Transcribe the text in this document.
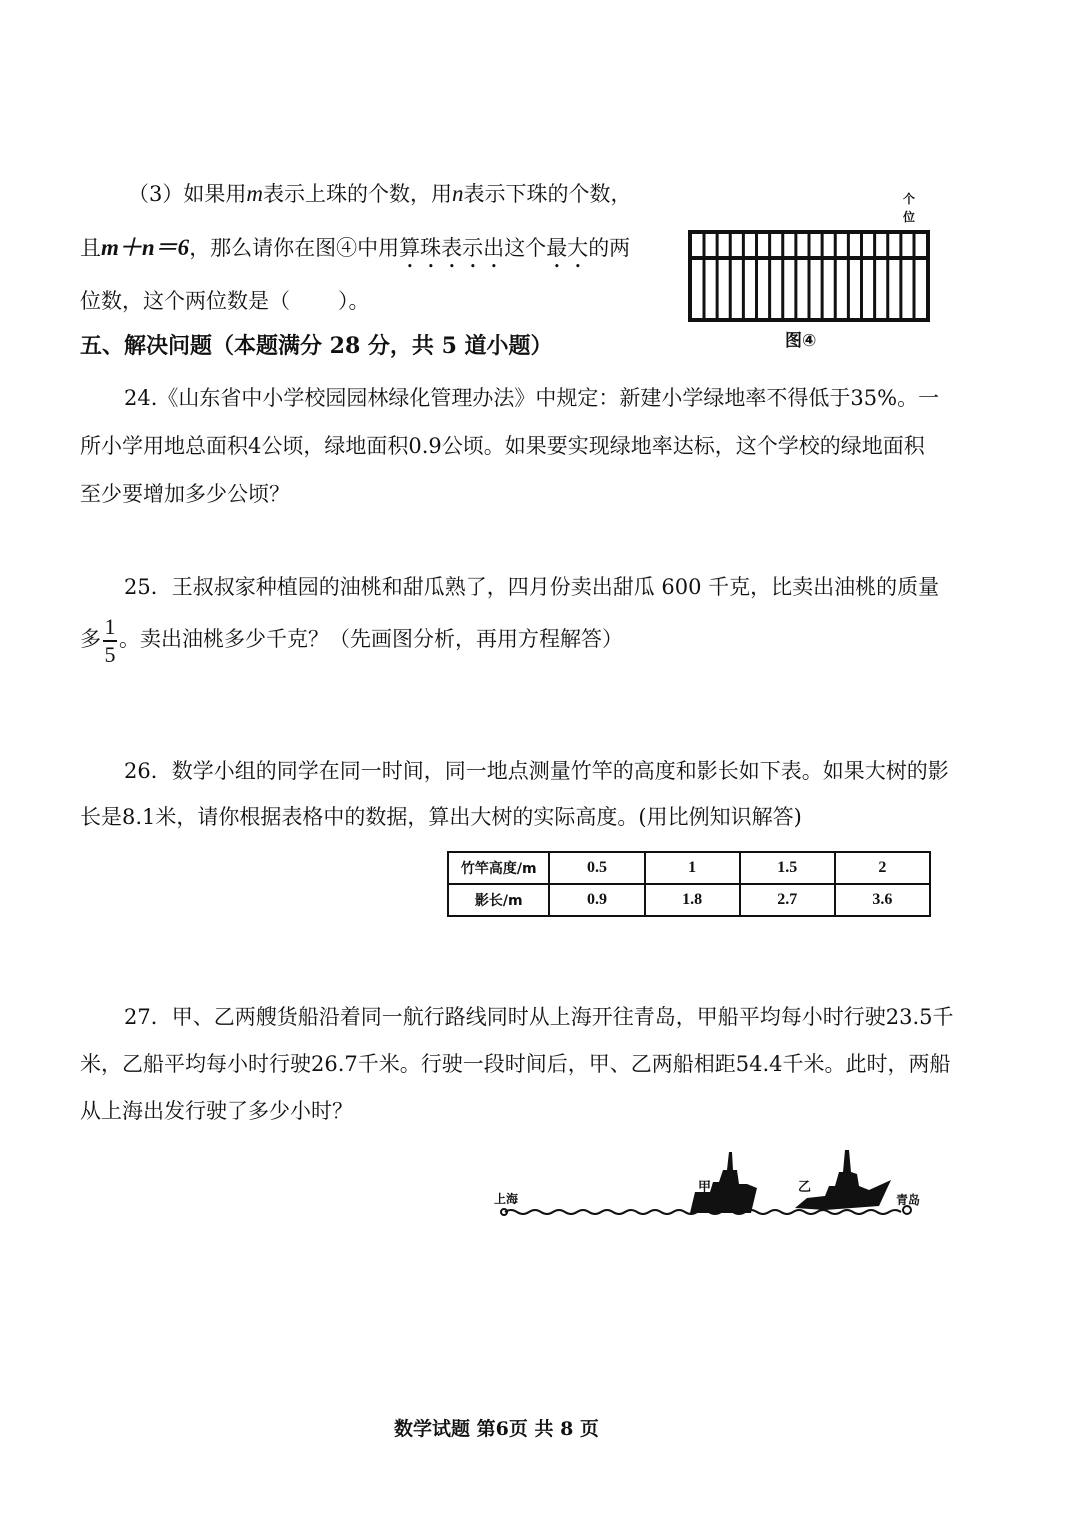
（3）如果用m表示上珠的个数，用n表示下珠的个数，
且m＋n＝6，那么请你在图④中用算珠表示出这个最大的两
位数，这个两位数是（ ）。
个
位
图④
五、解决问题（本题满分 28 分，共 5 道小题）
24.《山东省中小学校园园林绿化管理办法》中规定：新建小学绿地率不得低于35%。一
所小学用地总面积4公顷，绿地面积0.9公顷。如果要实现绿地率达标，这个学校的绿地面积
至少要增加多少公顷？
25．王叔叔家种植园的油桃和甜瓜熟了，四月份卖出甜瓜 600 千克，比卖出油桃的质量
多 $\frac{1}{5}$ 。卖出油桃多少千克？（先画图分析，再用方程解答）
26．数学小组的同学在同一时间，同一地点测量竹竿的高度和影长如下表。如果大树的影
长是8.1米，请你根据表格中的数据，算出大树的实际高度。(用比例知识解答)
竹竿高度/m	0.5	1	1.5	2
影长/m	0.9	1.8	2.7	3.6
27．甲、乙两艘货船沿着同一航行路线同时从上海开往青岛，甲船平均每小时行驶23.5千
米，乙船平均每小时行驶26.7千米。行驶一段时间后，甲、乙两船相距54.4千米。此时，两船
从上海出发行驶了多少小时？
上海	青岛
甲	乙
数学试题 第6页 共 8 页
